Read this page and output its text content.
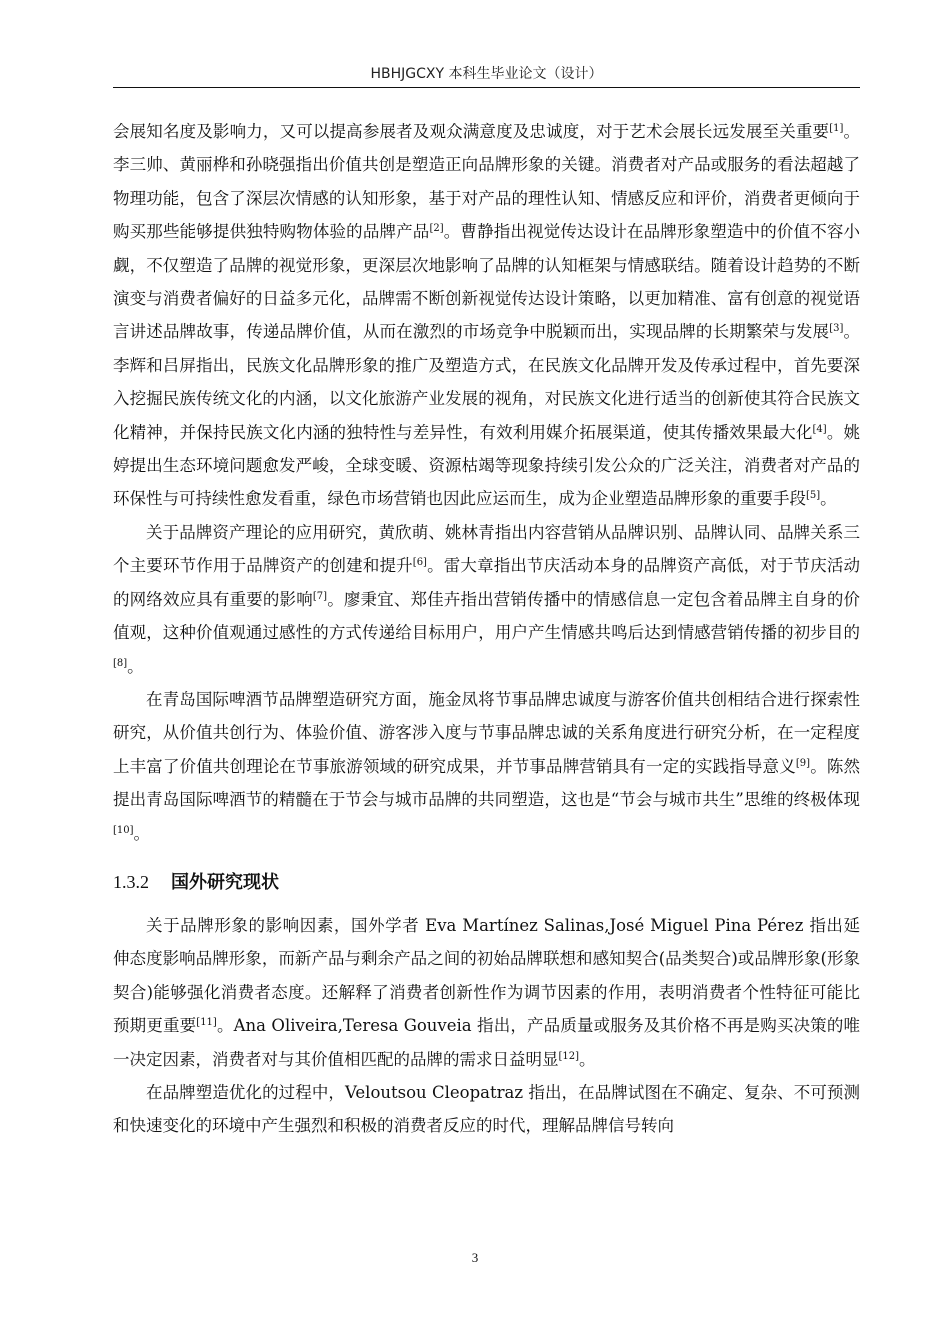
HBHJGCXY 本科生毕业论文（设计）

会展知名度及影响力，又可以提高参展者及观众满意度及忠诚度，对于艺术会展长远发展至关重要[1]。李三帅、黄丽桦和孙晓强指出价值共创是塑造正向品牌形象的关键。消费者对产品或服务的看法超越了物理功能，包含了深层次情感的认知形象，基于对产品的理性认知、情感反应和评价，消费者更倾向于购买那些能够提供独特购物体验的品牌产品[2]。曹静指出视觉传达设计在品牌形象塑造中的价值不容小觑，不仅塑造了品牌的视觉形象，更深层次地影响了品牌的认知框架与情感联结。随着设计趋势的不断演变与消费者偏好的日益多元化，品牌需不断创新视觉传达设计策略，以更加精准、富有创意的视觉语言讲述品牌故事，传递品牌价值，从而在激烈的市场竞争中脱颖而出，实现品牌的长期繁荣与发展[3]。李辉和吕屏指出，民族文化品牌形象的推广及塑造方式，在民族文化品牌开发及传承过程中，首先要深入挖掘民族传统文化的内涵，以文化旅游产业发展的视角，对民族文化进行适当的创新使其符合民族文化精神，并保持民族文化内涵的独特性与差异性，有效利用媒介拓展渠道，使其传播效果最大化[4]。姚婷提出生态环境问题愈发严峻，全球变暖、资源枯竭等现象持续引发公众的广泛关注，消费者对产品的环保性与可持续性愈发看重，绿色市场营销也因此应运而生，成为企业塑造品牌形象的重要手段[5]。

关于品牌资产理论的应用研究，黄欣萌、姚林青指出内容营销从品牌识别、品牌认同、品牌关系三个主要环节作用于品牌资产的创建和提升[6]。雷大章指出节庆活动本身的品牌资产高低，对于节庆活动的网络效应具有重要的影响[7]。廖秉宜、郑佳卉指出营销传播中的情感信息一定包含着品牌主自身的价值观，这种价值观通过感性的方式传递给目标用户，用户产生情感共鸣后达到情感营销传播的初步目的[8]。

在青岛国际啤酒节品牌塑造研究方面，施金凤将节事品牌忠诚度与游客价值共创相结合进行探索性研究，从价值共创行为、体验价值、游客涉入度与节事品牌忠诚的关系角度进行研究分析，在一定程度上丰富了价值共创理论在节事旅游领域的研究成果，并节事品牌营销具有一定的实践指导意义[9]。陈然提出青岛国际啤酒节的精髓在于节会与城市品牌的共同塑造，这也是“节会与城市共生”思维的终极体现[10]。

1.3.2 国外研究现状

关于品牌形象的影响因素，国外学者 Eva Martínez Salinas,José Miguel Pina Pérez 指出延伸态度影响品牌形象，而新产品与剩余产品之间的初始品牌联想和感知契合(品类契合)或品牌形象(形象契合)能够强化消费者态度。还解释了消费者创新性作为调节因素的作用，表明消费者个性特征可能比预期更重要[11]。Ana Oliveira,Teresa Gouveia 指出，产品质量或服务及其价格不再是购买决策的唯一决定因素，消费者对与其价值相匹配的品牌的需求日益明显[12]。

在品牌塑造优化的过程中，Veloutsou Cleopatraz 指出，在品牌试图在不确定、复杂、不可预测和快速变化的环境中产生强烈和积极的消费者反应的时代，理解品牌信号转向

3
